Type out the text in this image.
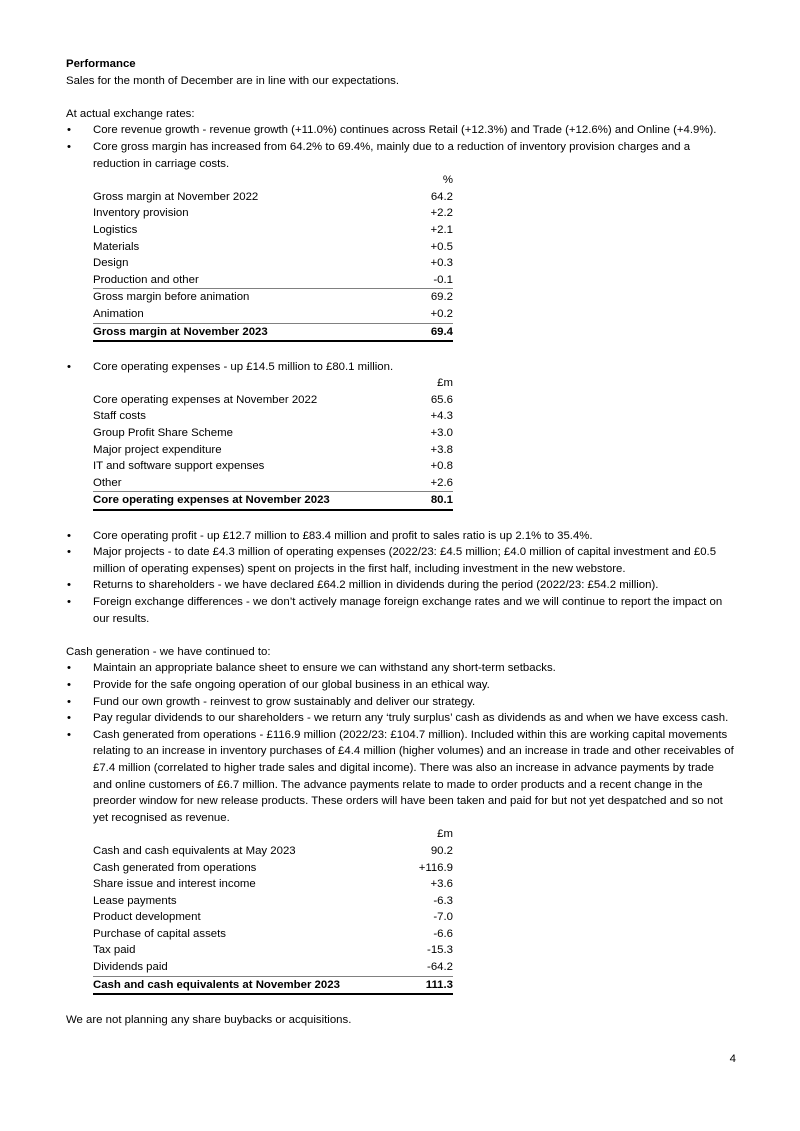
Performance

Sales for the month of December are in line with our expectations.

At actual exchange rates:

•	Core revenue growth - revenue growth (+11.0%) continues across Retail (+12.3%) and Trade (+12.6%) and Online (+4.9%).
•	Core gross margin has increased from 64.2% to 69.4%, mainly due to a reduction of inventory provision charges and a reduction in carriage costs.
	%
Gross margin at November 2022	64.2
Inventory provision	+2.2
Logistics	+2.1
Materials	+0.5
Design	+0.3
Production and other	-0.1
Gross margin before animation	69.2
Animation	+0.2
Gross margin at November 2023	69.4
•	Core operating expenses - up £14.5 million to £80.1 million.
	£m
Core operating expenses at November 2022	65.6
Staff costs	+4.3
Group Profit Share Scheme	+3.0
Major project expenditure	+3.8
IT and software support expenses	+0.8
Other	+2.6
Core operating expenses at November 2023	80.1
•	Core operating profit - up £12.7 million to £83.4 million and profit to sales ratio is up 2.1% to 35.4%.
•	Major projects - to date £4.3 million of operating expenses (2022/23: £4.5 million; £4.0 million of capital investment and £0.5 million of operating expenses) spent on projects in the first half, including investment in the new webstore.
•	Returns to shareholders - we have declared £64.2 million in dividends during the period (2022/23: £54.2 million).
•	Foreign exchange differences - we don’t actively manage foreign exchange rates and we will continue to report the impact on our results.

Cash generation - we have continued to:

•	Maintain an appropriate balance sheet to ensure we can withstand any short-term setbacks.
•	Provide for the safe ongoing operation of our global business in an ethical way.
•	Fund our own growth - reinvest to grow sustainably and deliver our strategy.
•	Pay regular dividends to our shareholders - we return any ‘truly surplus’ cash as dividends as and when we have excess cash.
•	Cash generated from operations - £116.9 million (2022/23: £104.7 million). Included within this are working capital movements relating to an increase in inventory purchases of £4.4 million (higher volumes) and an increase in trade and other receivables of £7.4 million (correlated to higher trade sales and digital income). There was also an increase in advance payments by trade and online customers of £6.7 million. The advance payments relate to made to order products and a recent change in the preorder window for new release products. These orders will have been taken and paid for but not yet despatched and so not yet recognised as revenue.
	£m
Cash and cash equivalents at May 2023	90.2
Cash generated from operations	+116.9
Share issue and interest income	+3.6
Lease payments	-6.3
Product development	-7.0
Purchase of capital assets	-6.6
Tax paid	-15.3
Dividends paid	-64.2
Cash and cash equivalents at November 2023	111.3

We are not planning any share buybacks or acquisitions.

4
